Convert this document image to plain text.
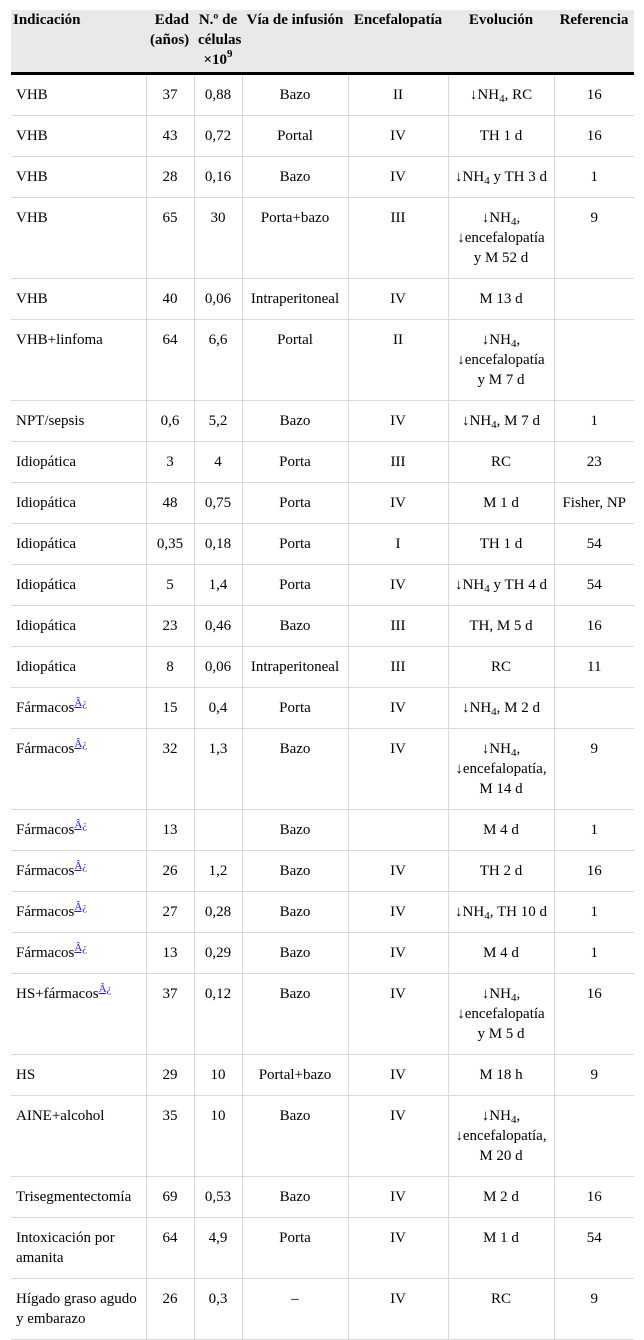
Indicación	Edad (años)	N.º de células $\times 10^9$	Vía de infusión	Encefalopatía	Evolución	Referencia
VHB	37	0,88	Bazo	II	$↓NH_4$, RC	16
VHB	43	0,72	Portal	IV	TH 1 d	16
VHB	28	0,16	Bazo	IV	$↓NH_4$ y TH 3 d	1
VHB	65	30	Porta+bazo	III	$↓NH_4$, ↓encefalopatía y M 52 d	9
VHB	40	0,06	Intraperitoneal	IV	M 13 d	
VHB+linfoma	64	6,6	Portal	II	$↓NH_4$, ↓encefalopatía y M 7 d	
NPT/sepsis	0,6	5,2	Bazo	IV	$↓NH_4$, M 7 d	1
Idiopática	3	4	Porta	III	RC	23
Idiopática	48	0,75	Porta	IV	M 1 d	Fisher, NP
Idiopática	0,35	0,18	Porta	I	TH 1 d	54
Idiopática	5	1,4	Porta	IV	$↓NH_4$ y TH 4 d	54
Idiopática	23	0,46	Bazo	III	TH, M 5 d	16
Idiopática	8	0,06	Intraperitoneal	III	RC	11
Fármacos$^{Â¿}$	15	0,4	Porta	IV	$↓NH_4$, M 2 d	
Fármacos$^{Â¿}$	32	1,3	Bazo	IV	$↓NH_4$, ↓encefalopatía, M 14 d	9
Fármacos$^{Â¿}$	13		Bazo		M 4 d	1
Fármacos$^{Â¿}$	26	1,2	Bazo	IV	TH 2 d	16
Fármacos$^{Â¿}$	27	0,28	Bazo	IV	$↓NH_4$, TH 10 d	1
Fármacos$^{Â¿}$	13	0,29	Bazo	IV	M 4 d	1
HS+fármacos$^{Â¿}$	37	0,12	Bazo	IV	$↓NH_4$, ↓encefalopatía y M 5 d	16
HS	29	10	Portal+bazo	IV	M 18 h	9
AINE+alcohol	35	10	Bazo	IV	$↓NH_4$, ↓encefalopatía, M 20 d	
Trisegmentectomía	69	0,53	Bazo	IV	M 2 d	16
Intoxicación por amanita	64	4,9	Porta	IV	M 1 d	54
Hígado graso agudo y embarazo	26	0,3	–	IV	RC	9
